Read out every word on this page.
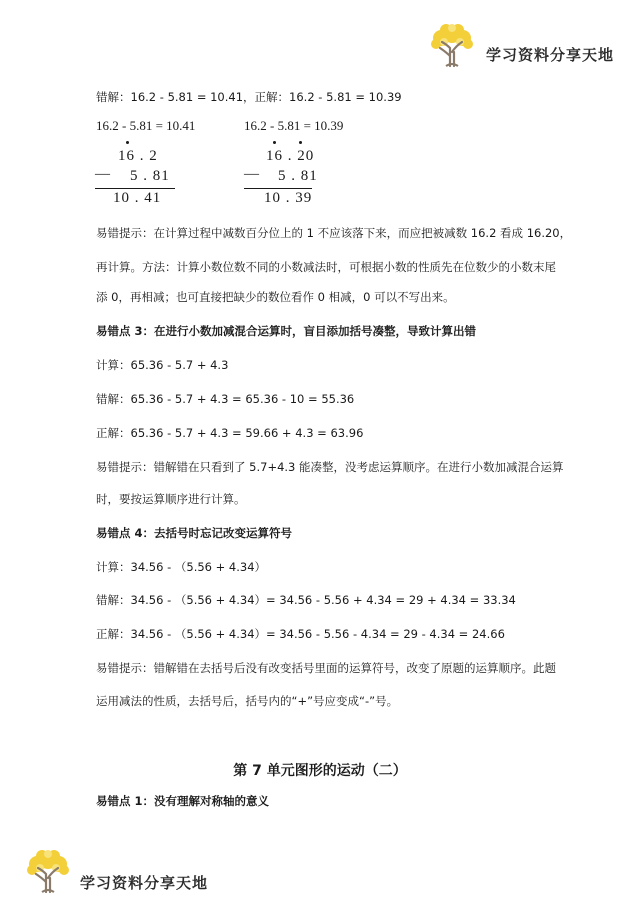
学习资料分享天地
错解：16.2 - 5.81 = 10.41，正解：16.2 - 5.81 = 10.39
16.2 - 5.81 = 10.41	16.2 - 5.81 = 10.39
16 . 2
— 5 . 81
10 . 41
16 . 20
— 5 . 81
10 . 39
易错提示：在计算过程中减数百分位上的 1 不应该落下来，而应把被减数 16.2 看成 16.20，
再计算。方法：计算小数位数不同的小数减法时，可根据小数的性质先在位数少的小数末尾
添 0，再相减；也可直接把缺少的数位看作 0 相减，0 可以不写出来。
易错点 3：在进行小数加减混合运算时，盲目添加括号凑整，导致计算出错
计算：65.36 - 5.7 + 4.3
错解：65.36 - 5.7 + 4.3 = 65.36 - 10 = 55.36
正解：65.36 - 5.7 + 4.3 = 59.66 + 4.3 = 63.96
易错提示：错解错在只看到了 5.7+4.3 能凑整，没考虑运算顺序。在进行小数加减混合运算
时，要按运算顺序进行计算。
易错点 4：去括号时忘记改变运算符号
计算：34.56 - （5.56 + 4.34）
错解：34.56 - （5.56 + 4.34）= 34.56 - 5.56 + 4.34 = 29 + 4.34 = 33.34
正解：34.56 - （5.56 + 4.34）= 34.56 - 5.56 - 4.34 = 29 - 4.34 = 24.66
易错提示：错解错在去括号后没有改变括号里面的运算符号，改变了原题的运算顺序。此题
运用减法的性质，去括号后，括号内的“+”号应变成“-”号。
第 7 单元图形的运动（二）
易错点 1：没有理解对称轴的意义
学习资料分享天地
